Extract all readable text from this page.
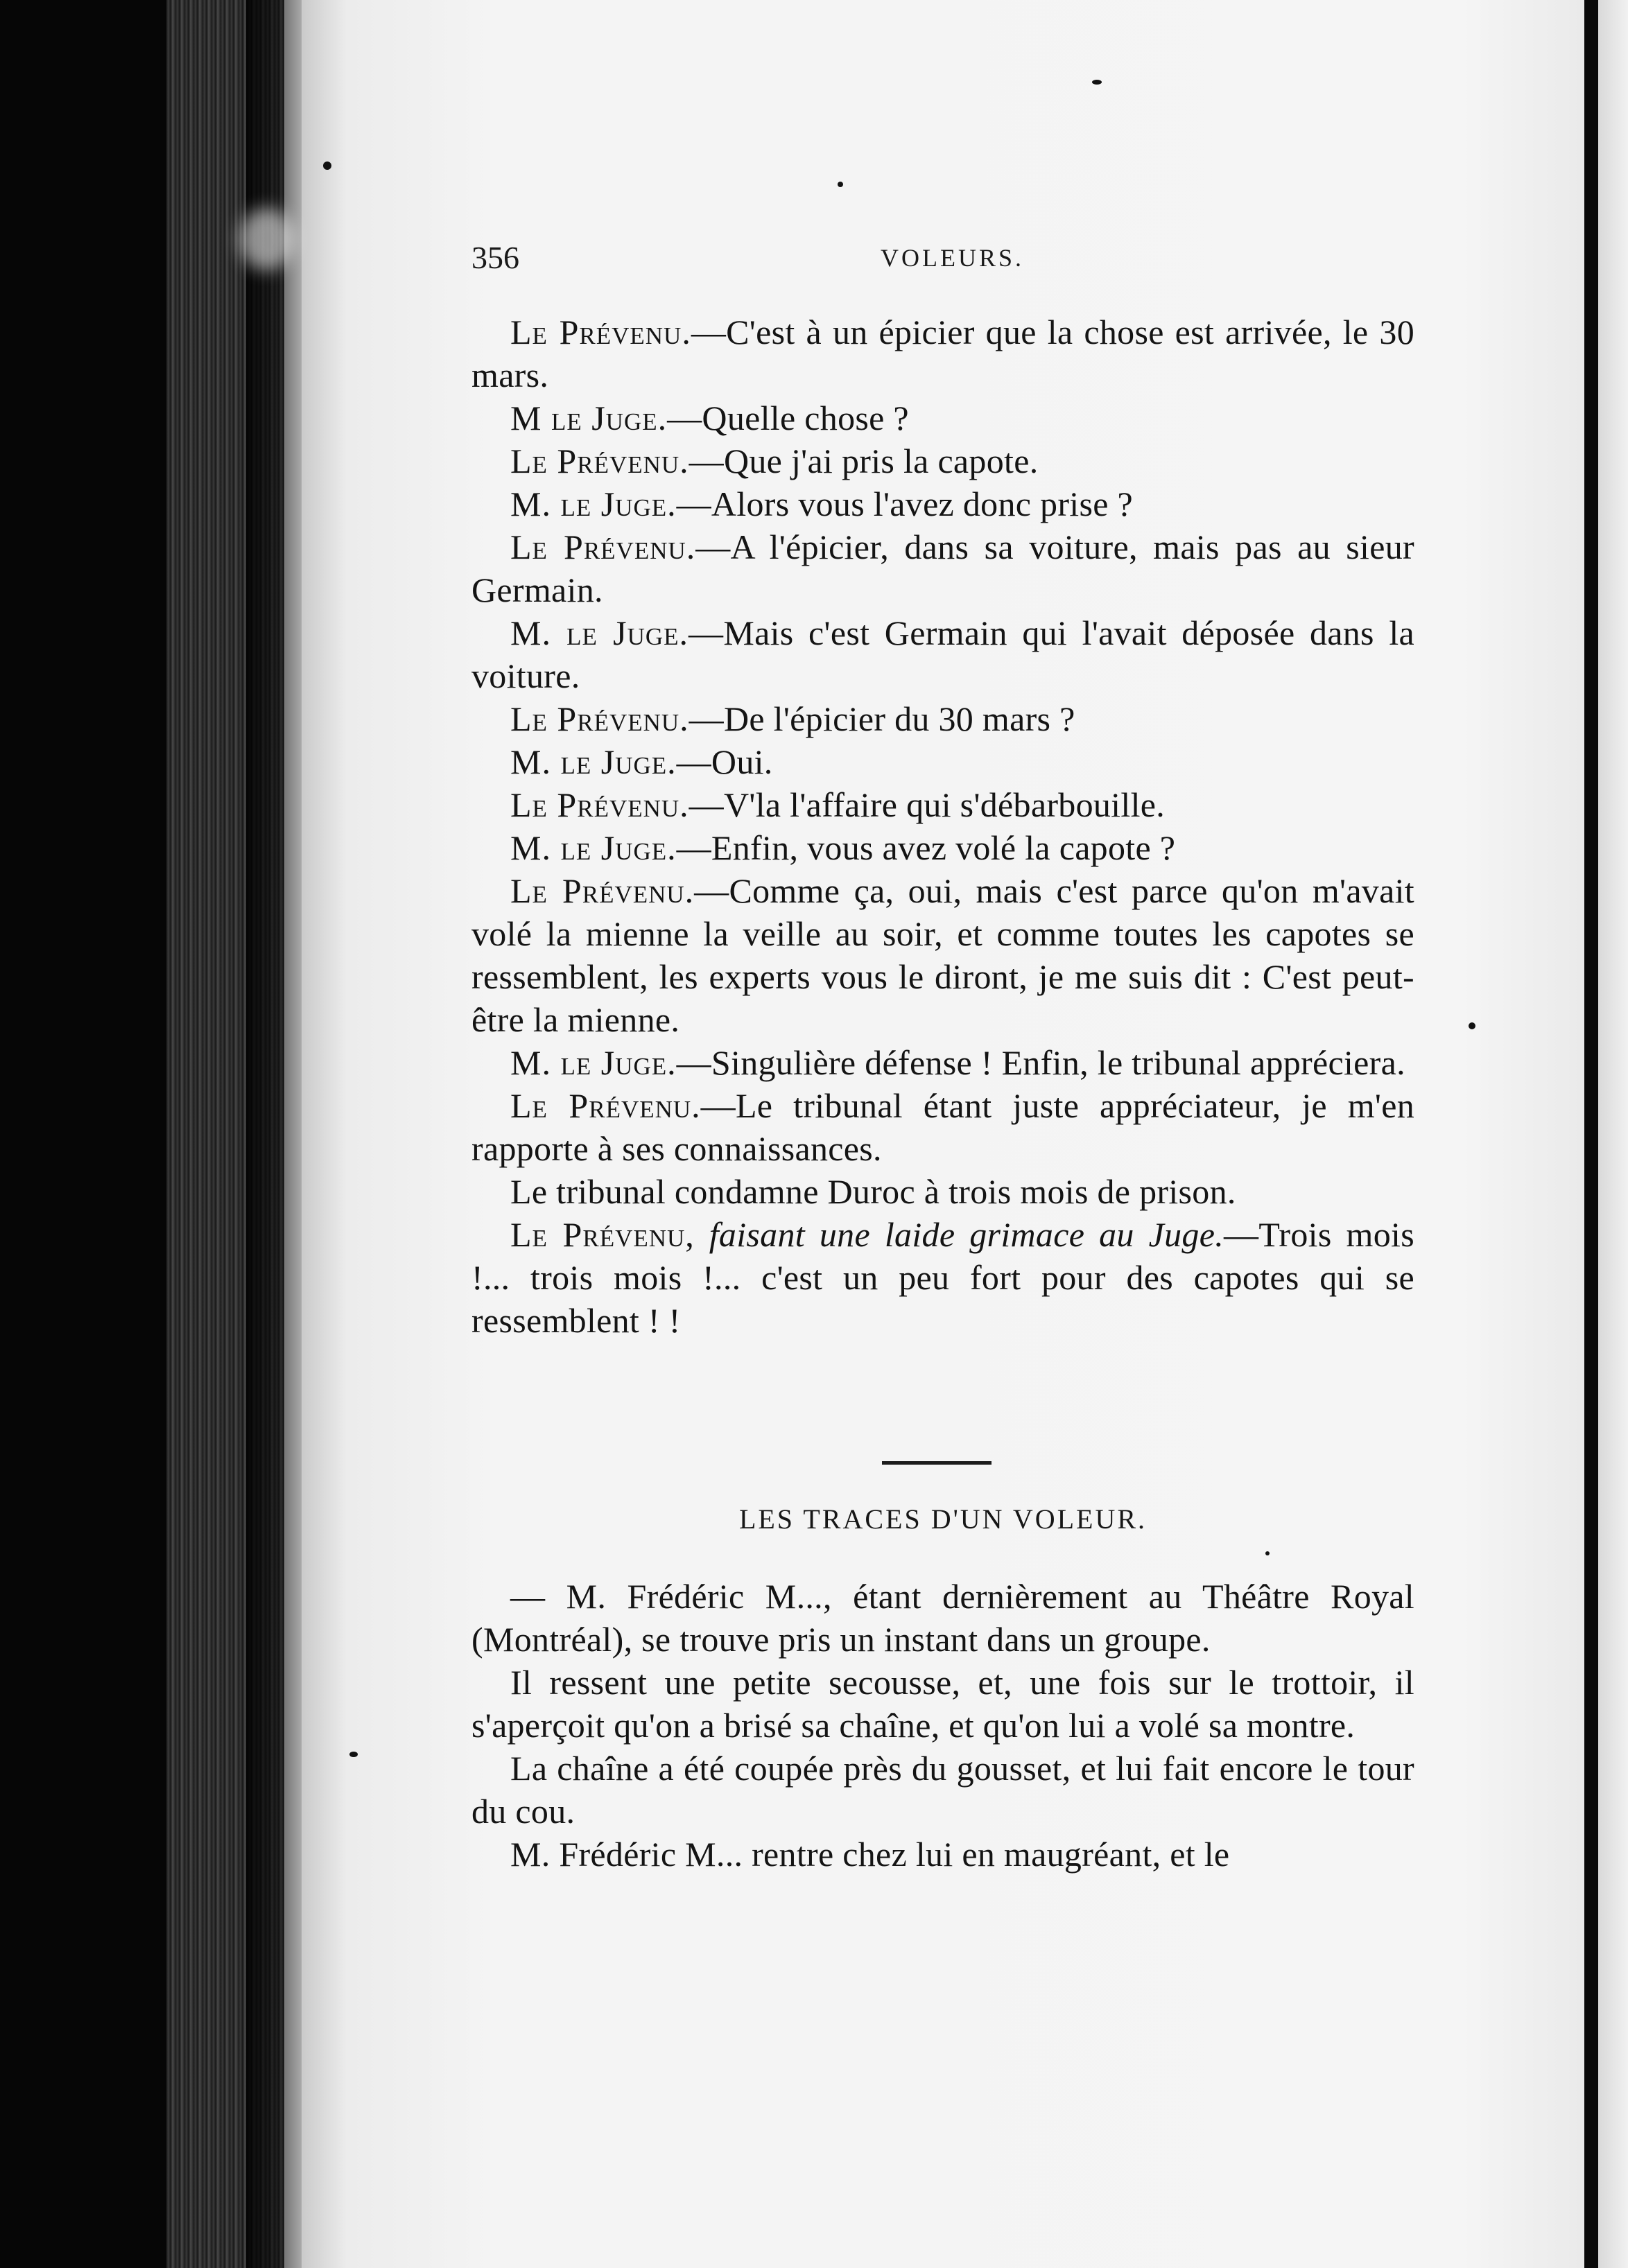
356	VOLEURS.

Le Prévenu.—C'est à un épicier que la chose est arrivée, le 30 mars.

M le Juge.—Quelle chose ?

Le Prévenu.—Que j'ai pris la capote.

M. le Juge.—Alors vous l'avez donc prise ?

Le Prévenu.—A l'épicier, dans sa voiture, mais pas au sieur Germain.

M. le Juge.—Mais c'est Germain qui l'avait déposée dans la voiture.

Le Prévenu.—De l'épicier du 30 mars ?

M. le Juge.—Oui.

Le Prévenu.—V'la l'affaire qui s'débarbouille.

M. le Juge.—Enfin, vous avez volé la capote ?

Le Prévenu.—Comme ça, oui, mais c'est parce qu'on m'avait volé la mienne la veille au soir, et comme toutes les capotes se ressemblent, les experts vous le diront, je me suis dit : C'est peut-être la mienne.

M. le Juge.—Singulière défense ! Enfin, le tribunal appréciera.

Le Prévenu.—Le tribunal étant juste appréciateur, je m'en rapporte à ses connaissances.

Le tribunal condamne Duroc à trois mois de prison.

Le Prévenu, faisant une laide grimace au Juge.—Trois mois !... trois mois !... c'est un peu fort pour des capotes qui se ressemblent ! !

LES TRACES D'UN VOLEUR.

— M. Frédéric M..., étant dernièrement au Théâtre Royal (Montréal), se trouve pris un instant dans un groupe.

Il ressent une petite secousse, et, une fois sur le trottoir, il s'aperçoit qu'on a brisé sa chaîne, et qu'on lui a volé sa montre.

La chaîne a été coupée près du gousset, et lui fait encore le tour du cou.

M. Frédéric M... rentre chez lui en maugréant, et le
